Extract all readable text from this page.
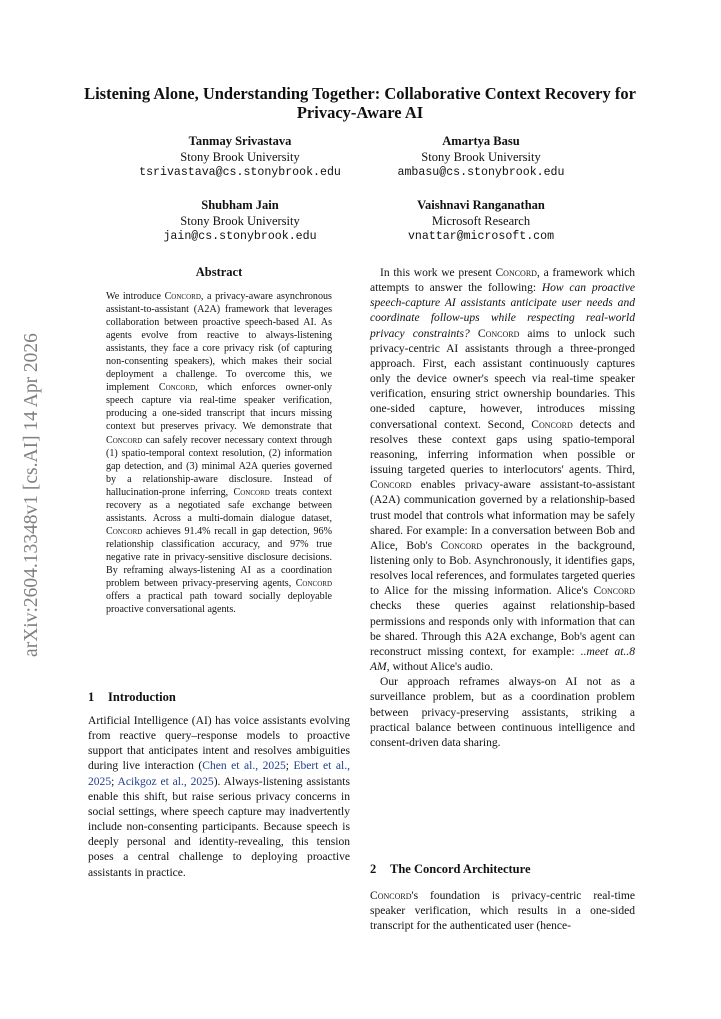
arXiv:2604.13348v1 [cs.AI] 14 Apr 2026
Listening Alone, Understanding Together: Collaborative Context Recovery for Privacy-Aware AI
Tanmay Srivastava
Stony Brook University
tsrivastava@cs.stonybrook.edu
Amartya Basu
Stony Brook University
ambasu@cs.stonybrook.edu
Shubham Jain
Stony Brook University
jain@cs.stonybrook.edu
Vaishnavi Ranganathan
Microsoft Research
vnattar@microsoft.com
Abstract
We introduce Concord, a privacy-aware asynchronous assistant-to-assistant (A2A) framework that leverages collaboration between proactive speech-based AI. As agents evolve from reactive to always-listening assistants, they face a core privacy risk (of capturing non-consenting speakers), which makes their social deployment a challenge. To overcome this, we implement Concord, which enforces owner-only speech capture via real-time speaker verification, producing a one-sided transcript that incurs missing context but preserves privacy. We demonstrate that Concord can safely recover necessary context through (1) spatio-temporal context resolution, (2) information gap detection, and (3) minimal A2A queries governed by a relationship-aware disclosure. Instead of hallucination-prone inferring, Concord treats context recovery as a negotiated safe exchange between assistants. Across a multi-domain dialogue dataset, Concord achieves 91.4% recall in gap detection, 96% relationship classification accuracy, and 97% true negative rate in privacy-sensitive disclosure decisions. By reframing always-listening AI as a coordination problem between privacy-preserving agents, Concord offers a practical path toward socially deployable proactive conversational agents.
1 Introduction

Artificial Intelligence (AI) has voice assistants evolving from reactive query–response models to proactive support that anticipates intent and resolves ambiguities during live interaction (Chen et al., 2025; Ebert et al., 2025; Acikgoz et al., 2025). Always-listening assistants enable this shift, but raise serious privacy concerns in social settings, where speech capture may inadvertently include non-consenting participants. Because speech is deeply personal and identity-revealing, this tension poses a central challenge to deploying proactive assistants in practice.

In this work we present Concord, a framework which attempts to answer the following: How can proactive speech-capture AI assistants anticipate user needs and coordinate follow-ups while respecting real-world privacy constraints? Concord aims to unlock such privacy-centric AI assistants through a three-pronged approach. First, each assistant continuously captures only the device owner's speech via real-time speaker verification, ensuring strict ownership boundaries. This one-sided capture, however, introduces missing conversational context. Second, Concord detects and resolves these context gaps using spatio-temporal reasoning, inferring information when possible or issuing targeted queries to interlocutors' agents. Third, Concord enables privacy-aware assistant-to-assistant (A2A) communication governed by a relationship-based trust model that controls what information may be safely shared. For example: In a conversation between Bob and Alice, Bob's Concord operates in the background, listening only to Bob. Asynchronously, it identifies gaps, resolves local references, and formulates targeted queries to Alice for the missing information. Alice's Concord checks these queries against relationship-based permissions and responds only with information that can be shared. Through this A2A exchange, Bob's agent can reconstruct missing context, for example: ..meet at..8 AM, without Alice's audio.

Our approach reframes always-on AI not as a surveillance problem, but as a coordination problem between privacy-preserving assistants, striking a practical balance between continuous intelligence and consent-driven data sharing.

2 The Concord Architecture

Concord's foundation is privacy-centric real-time speaker verification, which results in a one-sided transcript for the authenticated user (hence-
